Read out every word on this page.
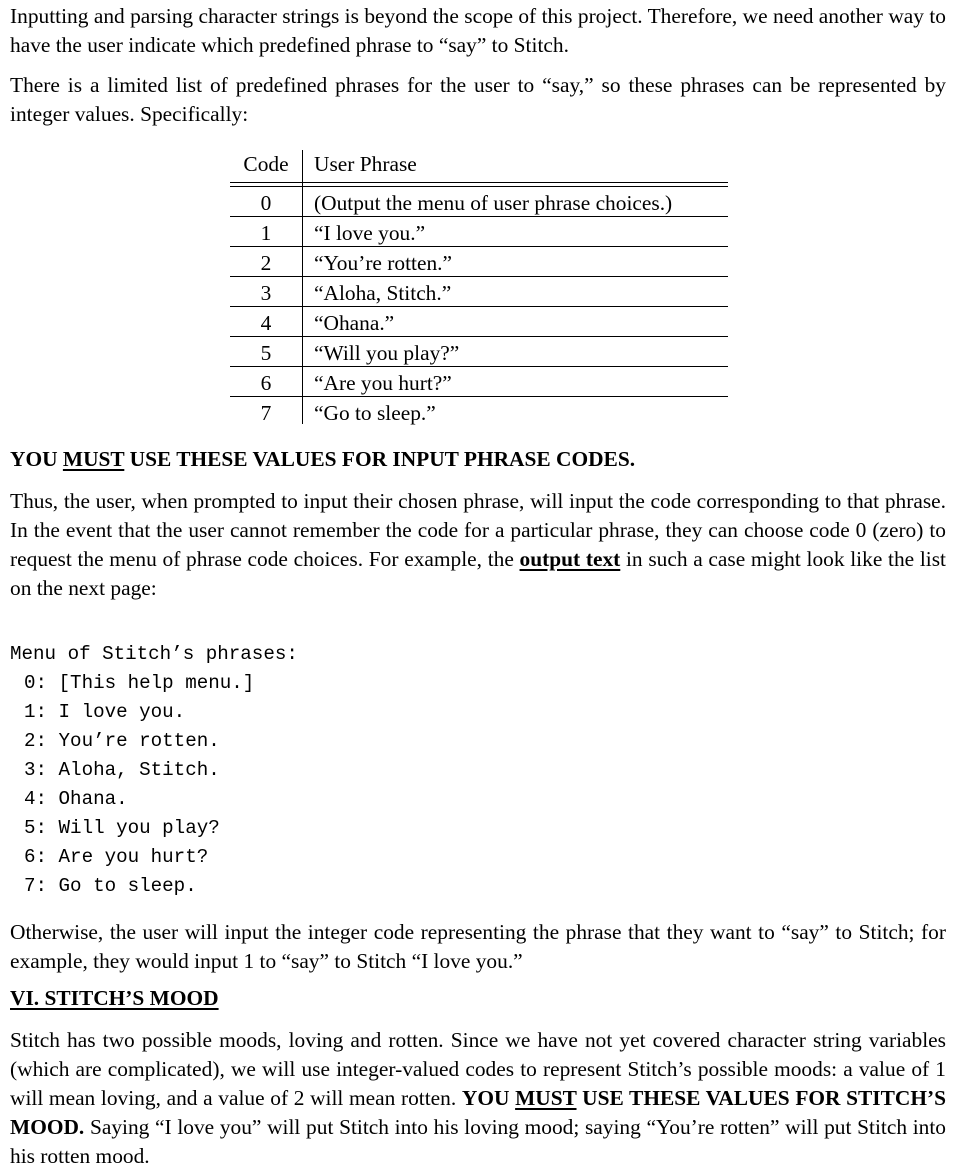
Inputting and parsing character strings is beyond the scope of this project. Therefore, we need another way to have the user indicate which predefined phrase to “say” to Stitch.

There is a limited list of predefined phrases for the user to “say,” so these phrases can be represented by integer values. Specifically:

Code	User Phrase
0	(Output the menu of user phrase choices.)
1	“I love you.”
2	“You’re rotten.”
3	“Aloha, Stitch.”
4	“Ohana.”
5	“Will you play?”
6	“Are you hurt?”
7	“Go to sleep.”
YOU MUST USE THESE VALUES FOR INPUT PHRASE CODES.

Thus, the user, when prompted to input their chosen phrase, will input the code corresponding to that phrase. In the event that the user cannot remember the code for a particular phrase, they can choose code 0 (zero) to request the menu of phrase code choices. For example, the output text in such a case might look like the list on the next page:

Menu of Stitch’s phrases:
0: [This help menu.]
1: I love you.
2: You’re rotten.
3: Aloha, Stitch.
4: Ohana.
5: Will you play?
6: Are you hurt?
7: Go to sleep.

Otherwise, the user will input the integer code representing the phrase that they want to “say” to Stitch; for example, they would input 1 to “say” to Stitch “I love you.”

VI. STITCH’S MOOD

Stitch has two possible moods, loving and rotten. Since we have not yet covered character string variables (which are complicated), we will use integer-valued codes to represent Stitch’s possible moods: a value of 1 will mean loving, and a value of 2 will mean rotten. YOU MUST USE THESE VALUES FOR STITCH’S MOOD. Saying “I love you” will put Stitch into his loving mood; saying “You’re rotten” will put Stitch into his rotten mood.
